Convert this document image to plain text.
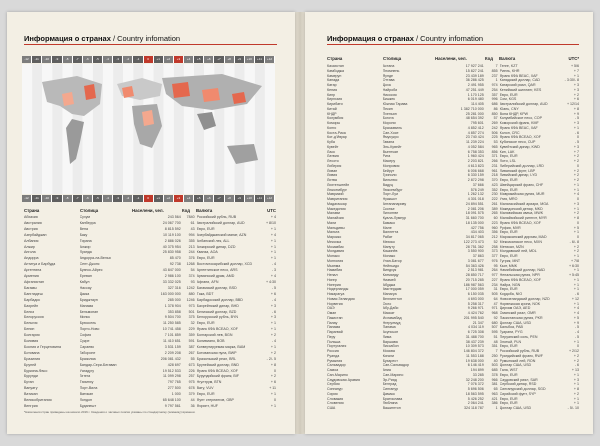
Информация о странах / Country infomation
-12	-11	-10	-9	-8	-7	-6	-5	-4	-3	-2	-1	0	+1	+2	+3	+4	+5	+6	+7	+8	+9	+10	+11	+12
-12	-11	-10	-9	-8	-7	-6	-5	-4	-3	-2	-1	0	+1	+2	+3	+4	+5	+6	+7	+8	+9	+10	+11	+12
Страна	Столица	Населени, чел.	Код	Валюта	UTC
Абхазия	Сухум	243 564	7840 Российский рубль, RUB	+ 4
Австралия	Канберра	24 067 700	61 Австралийский доллар, AUD	+ 8/10
Австрия	Вена	8 815 592	43 Евро, EUR	+ 1
Азербайджан	Баку	10 119 100	994 Азербайджанский манат, AZN	+ 4
Албания	Тирана	2 886 026	355 Албанский лек, ALL	+ 1
Алжир	Алжир	40 375 954	213 Алжирский динар, DZD	+ 1
Ангола	Луанда	25 830 958	244 Кванза, AOA	+ 1
Андорра	Андорра-ла-Велья	85 470	376 Евро, EUR	+ 1
Антигуа и Барбуда	Сент-Джонс	92 738	1268 Восточнокарибский доллар, XCD	- 4
Аргентина	Буэнос-Айрес	43 847 000	54 Аргентинское песо, ARS	- 3
Армения	Ереван	2 986 100	374 Армянский драм, AMD	+ 4
Афганистан	Кабул	33 332 025	93 Афгани, AFN	+ 4:30
Багамы	Нассау	327 316	1242 Багамский доллар, BSD	- 5
Бангладеш	Дакка	163 000 000	880 Така, BDT	+ 6
Барбадос	Бриджтаун	285 000	1246 Барбадосский доллар, BBD	- 4
Бахрейн	Манама	1 378 904	973 Бахрейнский динар, BHD	+ 3
Белиз	Бельмопан	353 858	501 Белизский доллар, BZD	- 6
Белоруссия	Минск	9 504 700	375 Белорусский рубль, BYN	+ 3
Бельгия	Брюссель	11 250 585	32 Евро, EUR	+ 1
Бенин	Порто-Ново	10 741 458	229 Франк КФА BCEAO, XOF	+ 1
Болгария	София	7 101 859	359 Болгарский лев, BGN	+ 2
Боливия	Сукре	11 410 651	591 Боливиано, BOB	- 4
Босния и Герцеговина	Сараево	3 531 159	387 Конвертируемая марка, BAM	+ 1
Ботсвана	Габороне	2 209 208	267 Ботсванская пула, BWP	+ 2
Бразилия	Бразилиа	206 081 432	55 Бразильский реал, BRL	- 2/- 5
Бруней	Бандар-Сери-Бегаван	428 697	673 Брунейский доллар, BND	+ 8
Буркина-Фасо	Уагадугу	19 512 533	226 Франк КФА BCEAO, XOF	0
Бурунди	Гитега	11 099 298	257 Бурундийский франк, BIF	+ 2
Бутан	Тхимпху	797 765	975 Нгултрум, BTN	+ 6
Вануату	Порт-Вила	277 500	678 Вату, VUV	+ 11
Ватикан	Ватикан	1 000	379 Евро, EUR	+ 1
Великобритания	Лондон	65 648 100	44 Фунт стерлингов, GBP	0
Венгрия	Будапешт	9 797 561	36 Форинт, HUF	+ 1
*Населения стран приведены на начало 2016 г. Сведения о часовых поясах указаны по стандартному (зимнему) времени.
Информация о странах / Country infomation
Страна	Столица	Населени, чел.	Код	Валюта	UTC*
Казахстан	Астана	17 927 241	7 Тенге, KZT	+ 5/6
Камбоджа	Пномпень	15 827 241	855 Риель, KHR	+ 7
Камерун	Яунде	23 439 189	237 Франк КФА BEAC, XAF	+ 1
Канада	Оттава	36 286 425	1 Канадский доллар, CAD	- 3:30/- 8
Катар	Доха	2 491 955	974 Катарский риал, QAR	+ 3
Кения	Найроби	47 251 449	254 Кенийский шиллинг, KES	+ 3
Кипр	Никосия	1 170 125	357 Евро, EUR	+ 2
Киргизия	Бишкек	6 019 480	996 Сом, KGS	+ 6
Кирибати	Южная Тарава	114 405	686 Австралийский доллар, AUD	+ 12/14
Китай	Пекин	1 382 710 000	86 Юань, CNY	+ 8
КНДР	Пхеньян	25 281 000	850 Вона КНДР, KPW	+ 9
Колумбия	Богота	48 654 392	57 Колумбийское песо, COP	- 5
Коморы	Морони	795 601	269 Коморский франк, KMF	+ 3
Конго	Браззавиль	4 852 412	242 Франк КФА BEAC, XAF	+ 1
Коста-Рика	Сан-Хосе	4 857 274	506 Колон, CRC	- 6
Кот-д'Ивуар	Ямусукро	23 740 424	225 Франк КФА BCEAO, XOF	0
Куба	Гавана	11 239 224	53 Кубинское песо, CUP	- 5
Кувейт	Эль-Кувейт	4 052 584	965 Кувейтский динар, KWD	+ 3
Лаос	Вьентьян	6 758 353	856 Кип, LAK	+ 7
Латвия	Рига	1 960 424	371 Евро, EUR	+ 2
Лесото	Масеру	2 203 821	266 Лоти, LSL	+ 2
Либерия	Монровия	4 613 823	231 Либерийский доллар, LRD	0
Ливан	Бейрут	6 006 668	961 Ливанский фунт, LBP	+ 2
Ливия	Триполи	6 330 159	218 Ливийский динар, LYD	+ 2
Литва	Вильнюс	2 872 298	370 Евро, EUR	+ 2
Лихтенштейн	Вадуц	37 666	423 Швейцарский франк, CHF	+ 1
Люксембург	Люксембург	576 249	352 Евро, EUR	+ 1
Маврикий	Порт-Луи	1 262 132	230 Маврикийская рупия, MUR	+ 4
Мавритания	Нуакшот	4 301 018	222 Угия, MRO	0
Мадагаскар	Антананариву	24 894 551	261 Малагасийский ариари, MGA	+ 3
Македония	Скопье	2 081 206	389 Македонский денар, MKD	+ 1
Малави	Лилонгве	18 091 575	265 Малавийская квача, MWK	+ 2
Малайзия	Куала-Лумпур	31 660 700	60 Малайзийский ринггит, MYR	+ 8
Мали	Бамако	18 135 000	223 Франк КФА BCEAO, XOF	0
Мальдивы	Мале	427 756	960 Руфия, MVR	+ 5
Мальта	Валлетта	434 403	356 Евро, EUR	+ 1
Марокко	Рабат	34 817 065	212 Марокканский дирхам, MAD	0
Мексика	Мехико	122 273 473	52 Мексиканское песо, MXN	- 6/- 8
Мозамбик	Мапуту	28 751 362	258 Метикал, MZN	+ 2
Молдавия	Кишинёв	3 550 900	373 Молдавский лей, MDL	+ 2
Монако	Монако	37 863	377 Евро, EUR	+ 1
Монголия	Улан-Батор	3 081 677	976 Тугрик, MNT	+ 7/8
Мьянма	Нейпьидо	54 363 426	95 Кьят, MMK	+ 6:30
Намибия	Виндхук	2 513 981	264 Намибийский доллар, NAD	+ 1
Непал	Катманду	28 850 717	977 Непальская рупия, NPR	+ 5:45
Нигер	Ниамей	20 715 285	227 Франк КФА BCEAO, XOF	+ 1
Нигерия	Абуджа	186 987 563	234 Найра, NGN	+ 1
Нидерланды	Амстердам	17 000 059	31 Евро, EUR	+ 1
Никарагуа	Манагуа	6 150 035	505 Кордоба, NIO	- 6
Новая Зеландия	Веллингтон	4 693 000	64 Новозеландский доллар, NZD	+ 12
Норвегия	Осло	5 258 317	47 Норвежская крона, NOK	+ 1
ОАЭ	Абу-Даби	9 266 971	971 Дирхам ОАЭ, AED	+ 4
Оман	Маскат	4 424 762	968 Оманский риал, OMR	+ 4
Пакистан	Исламабад	201 995 540	92 Пакистанская рупия, PKR	+ 5
Палау	Нгерулмуд	21 347	680 Доллар США, USD	+ 9
Панама	Панама	4 034 119	507 Бальбоа, PAB	- 5
Парагвай	Асунсьон	6 725 308	595 Гуарани, PYG	- 4
Перу	Лима	31 488 700	51 Перуанский соль, PEN	- 5
Польша	Варшава	38 437 239	48 Злотый, PLN	+ 1
Португалия	Лиссабон	10 309 573	351 Евро, EUR	0
Россия	Москва	146 804 372	7 Российский рубль, RUB	+ 2/12
Руанда	Кигали	11 553 188	250 Руандийский франк, RWF	+ 2
Румыния	Бухарест	19 638 000	40 Румынский лей, RON	+ 2
Сальвадор	Сан-Сальвадор	6 146 419	503 Доллар США, USD	- 6
Самоа	Апиа	194 899	685 Тала, WST	+ 13
Сан-Марино	Сан-Марино	33 285	378 Евро, EUR	+ 1
Саудовская Аравия	Эр-Рияд	32 248 200	966 Саудовский риял, SAR	+ 3
Сербия	Белград	7 076 372	381 Сербский динар, RSD	+ 1
Сингапур	Сингапур	5 696 506	65 Сингапурский доллар, SGD	+ 8
Сирия	Дамаск	18 563 595	963 Сирийский фунт, SYP	+ 2
Словакия	Братислава	5 426 252	421 Евро, EUR	+ 1
Словения	Любляна	2 064 241	386 Евро, EUR	+ 1
США	Вашингтон	324 118 787	1 Доллар США, USD	- 5/- 10
